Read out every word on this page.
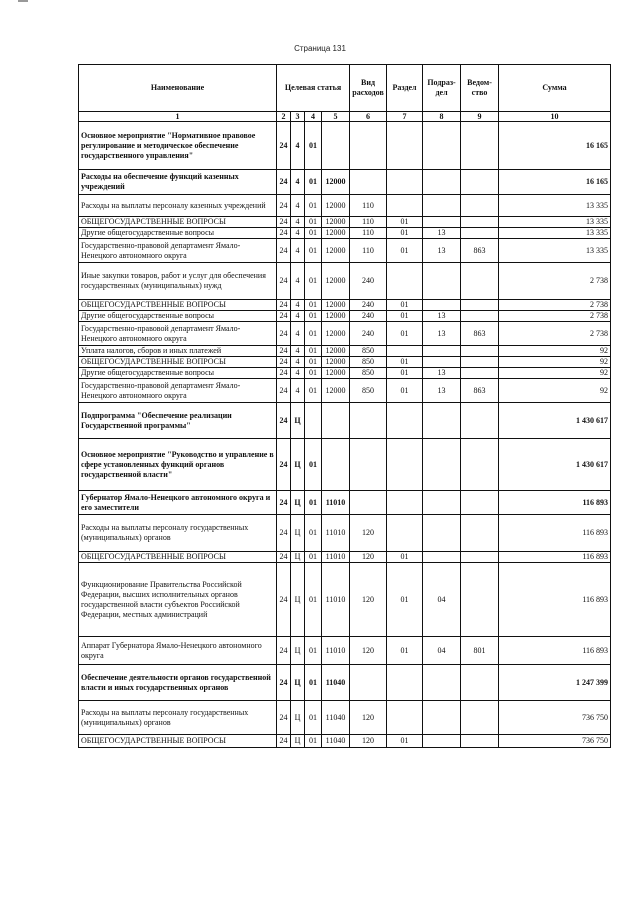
Страница 131
Наименование	Целевая статья				Вид расходов	Раздел	Подраз-дел	Ведом-ство	Сумма
1	2	3	4	5	6	7	8	9	10
Основное мероприятие "Нормативное правовое регулирование и методическое обеспечение государственного управления"	24	4	01						16 165
Расходы на обеспечение функций казенных учреждений	24	4	01	12000					16 165
Расходы на выплаты персоналу казенных учреждений	24	4	01	12000	110				13 335
ОБЩЕГОСУДАРСТВЕННЫЕ ВОПРОСЫ	24	4	01	12000	110	01			13 335
Другие общегосударственные вопросы	24	4	01	12000	110	01	13		13 335
Государственно-правовой департамент Ямало-Ненецкого автономного округа	24	4	01	12000	110	01	13	863	13 335
Иные закупки товаров, работ и услуг для обеспечения государственных (муниципальных) нужд	24	4	01	12000	240				2 738
ОБЩЕГОСУДАРСТВЕННЫЕ ВОПРОСЫ	24	4	01	12000	240	01			2 738
Другие общегосударственные вопросы	24	4	01	12000	240	01	13		2 738
Государственно-правовой департамент Ямало-Ненецкого автономного округа	24	4	01	12000	240	01	13	863	2 738
Уплата налогов, сборов и иных платежей	24	4	01	12000	850				92
ОБЩЕГОСУДАРСТВЕННЫЕ ВОПРОСЫ	24	4	01	12000	850	01			92
Другие общегосударственные вопросы	24	4	01	12000	850	01	13		92
Государственно-правовой департамент Ямало-Ненецкого автономного округа	24	4	01	12000	850	01	13	863	92
Подпрограмма "Обеспечение реализации Государственной программы"	24	Ц							1 430 617
Основное мероприятие "Руководство и управление в сфере установленных функций органов государственной власти"	24	Ц	01						1 430 617
Губернатор Ямало-Ненецкого автономного округа и его заместители	24	Ц	01	11010					116 893
Расходы на выплаты персоналу государственных (муниципальных) органов	24	Ц	01	11010	120				116 893
ОБЩЕГОСУДАРСТВЕННЫЕ ВОПРОСЫ	24	Ц	01	11010	120	01			116 893
Функционирование Правительства Российской Федерации, высших исполнительных органов государственной власти субъектов Российской Федерации, местных администраций	24	Ц	01	11010	120	01	04		116 893
Аппарат Губернатора Ямало-Ненецкого автономного округа	24	Ц	01	11010	120	01	04	801	116 893
Обеспечение деятельности органов государственной власти и иных государственных органов	24	Ц	01	11040					1 247 399
Расходы на выплаты персоналу государственных (муниципальных) органов	24	Ц	01	11040	120				736 750
ОБЩЕГОСУДАРСТВЕННЫЕ ВОПРОСЫ	24	Ц	01	11040	120	01			736 750
